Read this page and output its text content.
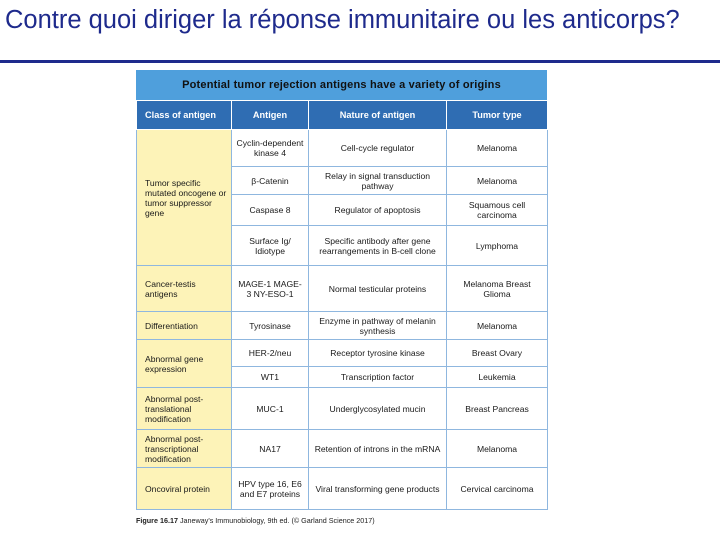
Contre quoi diriger la réponse immunitaire ou les anticorps?
Potential tumor rejection antigens have a variety of origins
Class of antigen	Antigen	Nature of antigen	Tumor type
Tumor specific mutated oncogene or tumor suppressor gene	Cyclin-dependent kinase 4	Cell-cycle regulator	Melanoma
	β-Catenin	Relay in signal transduction pathway	Melanoma
	Caspase 8	Regulator of apoptosis	Squamous cell carcinoma
	Surface Ig/ Idiotype	Specific antibody after gene rearrangements in B-cell clone	Lymphoma
Cancer-testis antigens	MAGE-1 MAGE-3 NY-ESO-1	Normal testicular proteins	Melanoma Breast Glioma
Differentiation	Tyrosinase	Enzyme in pathway of melanin synthesis	Melanoma
Abnormal gene expression	HER-2/neu	Receptor tyrosine kinase	Breast Ovary
	WT1	Transcription factor	Leukemia
Abnormal post-translational modification	MUC-1	Underglycosylated mucin	Breast Pancreas
Abnormal post-transcriptional modification	NA17	Retention of introns in the mRNA	Melanoma
Oncoviral protein	HPV type 16, E6 and E7 proteins	Viral transforming gene products	Cervical carcinoma
Figure 16.17 Janeway's Immunobiology, 9th ed. (© Garland Science 2017)
